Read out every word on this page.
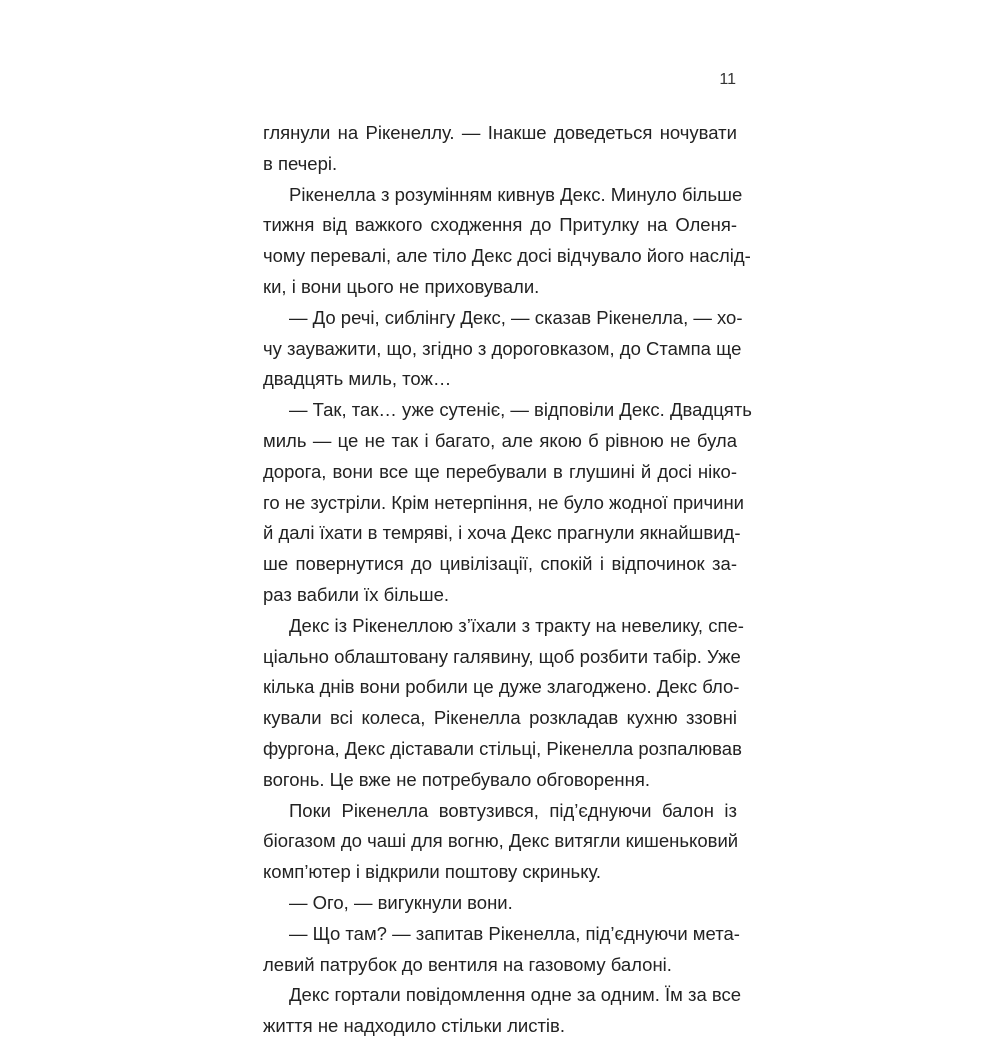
11
глянули на Рікенеллу. — Інакше доведеться ночувати
в печері.
Рікенелла з розумінням кивнув Декс. Минуло більше
тижня від важкого сходження до Притулку на Оленя-
чому перевалі, але тіло Декс досі відчувало його наслід-
ки, і вони цього не приховували.
— До речі, сиблінгу Декс, — сказав Рікенелла, — хо-
чу зауважити, що, згідно з дороговказом, до Стампа ще
двадцять миль, тож…
— Так, так… уже сутеніє, — відповіли Декс. Двадцять
миль — це не так і багато, але якою б рівною не була
дорога, вони все ще перебували в глушині й досі ніко-
го не зустріли. Крім нетерпіння, не було жодної причини
й далі їхати в темряві, і хоча Декс прагнули якнайшвид-
ше повернутися до цивілізації, спокій і відпочинок за-
раз вабили їх більше.
Декс із Рікенеллою з’їхали з тракту на невелику, спе-
ціально облаштовану галявину, щоб розбити табір. Уже
кілька днів вони робили це дуже злагоджено. Декс бло-
кували всі колеса, Рікенелла розкладав кухню ззовні
фургона, Декс діставали стільці, Рікенелла розпалював
вогонь. Це вже не потребувало обговорення.
Поки Рікенелла вовтузився, під’єднуючи балон із
біогазом до чаші для вогню, Декс витягли кишеньковий
комп’ютер і відкрили поштову скриньку.
— Ого, — вигукнули вони.
— Що там? — запитав Рікенелла, під’єднуючи мета-
левий патрубок до вентиля на газовому балоні.
Декс гортали повідомлення одне за одним. Їм за все
життя не надходило стільки листів.
